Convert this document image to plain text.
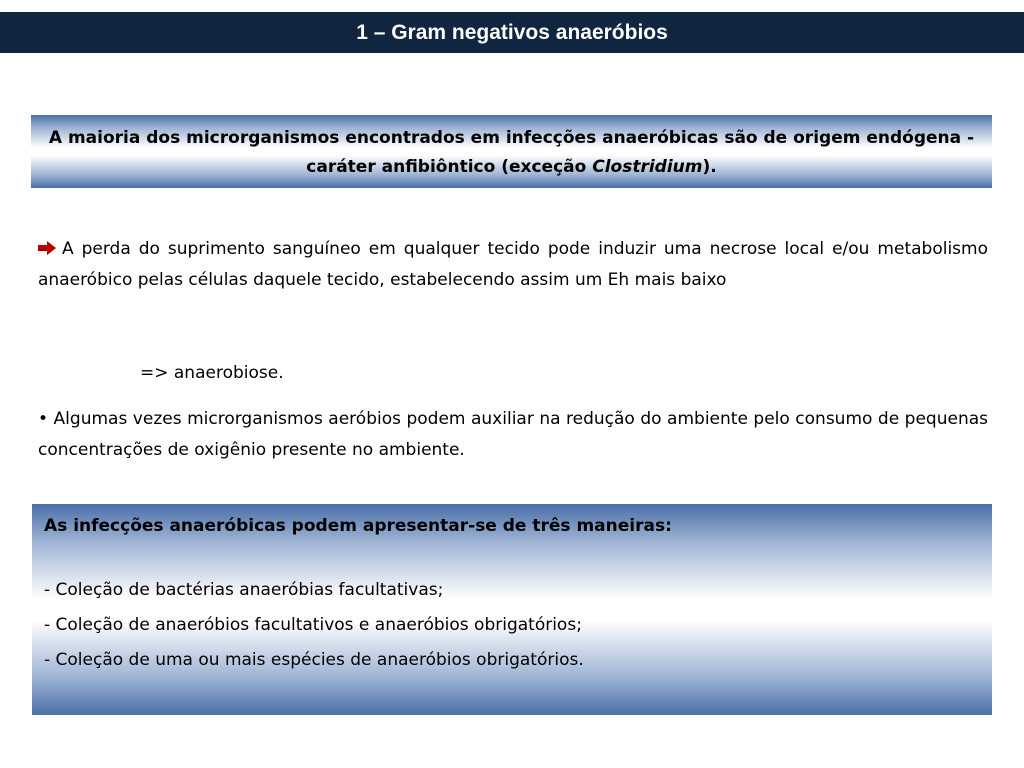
1 – Gram negativos anaeróbios
A maioria dos microrganismos encontrados em infecções anaeróbicas são de origem endógena - caráter anfibiôntico (exceção Clostridium).
A perda do suprimento sanguíneo em qualquer tecido pode induzir uma necrose local e/ou metabolismo anaeróbico pelas células daquele tecido, estabelecendo assim um Eh mais baixo
=> anaerobiose.
• Algumas vezes microrganismos aeróbios podem auxiliar na redução do ambiente pelo consumo de pequenas concentrações de oxigênio presente no ambiente.
As infecções anaeróbicas podem apresentar-se de três maneiras:
- Coleção de bactérias anaeróbias facultativas;
- Coleção de anaeróbios facultativos e anaeróbios obrigatórios;
- Coleção de uma ou mais espécies de anaeróbios obrigatórios.
